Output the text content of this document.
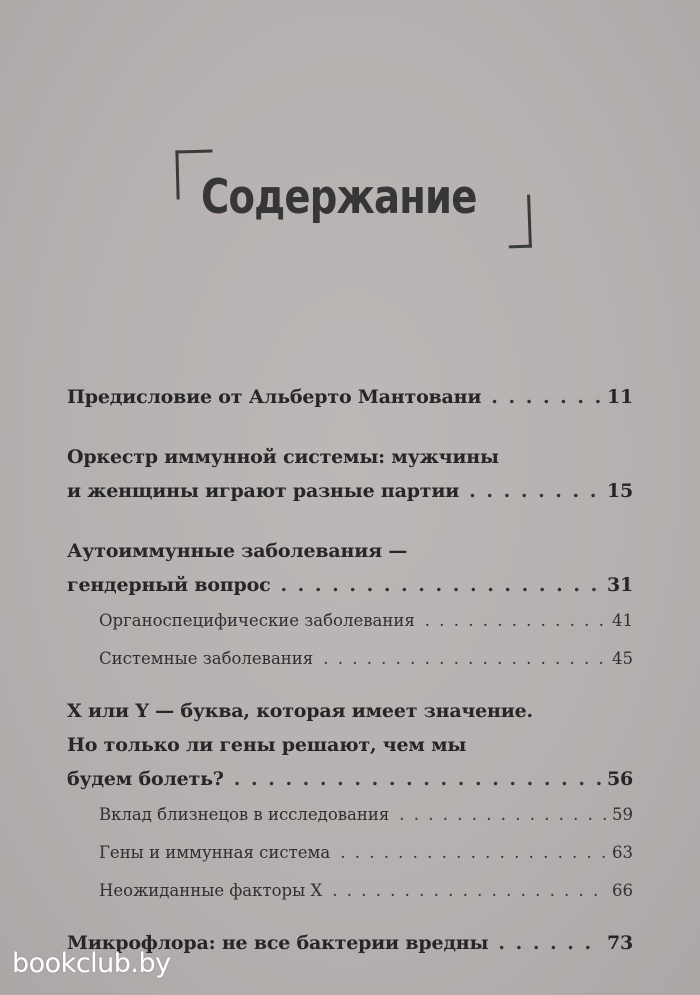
Содержание
Предисловие от Альберто Мантовани . . .	11
Оркестр иммунной системы: мужчины
и женщины играют разные партии . . .	15
Аутоиммунные заболевания —
гендерный вопрос . . .	31
Органоспецифические заболевания . . .	41
Системные заболевания . . .	45
X или Y — буква, которая имеет значение.
Но только ли гены решают, чем мы
будем болеть? . . .	56
Вклад близнецов в исследования . . .	59
Гены и иммунная система . . .	63
Неожиданные факторы X . . .	66
Микрофлора: не все бактерии вредны . . .	73
bookclub.by
